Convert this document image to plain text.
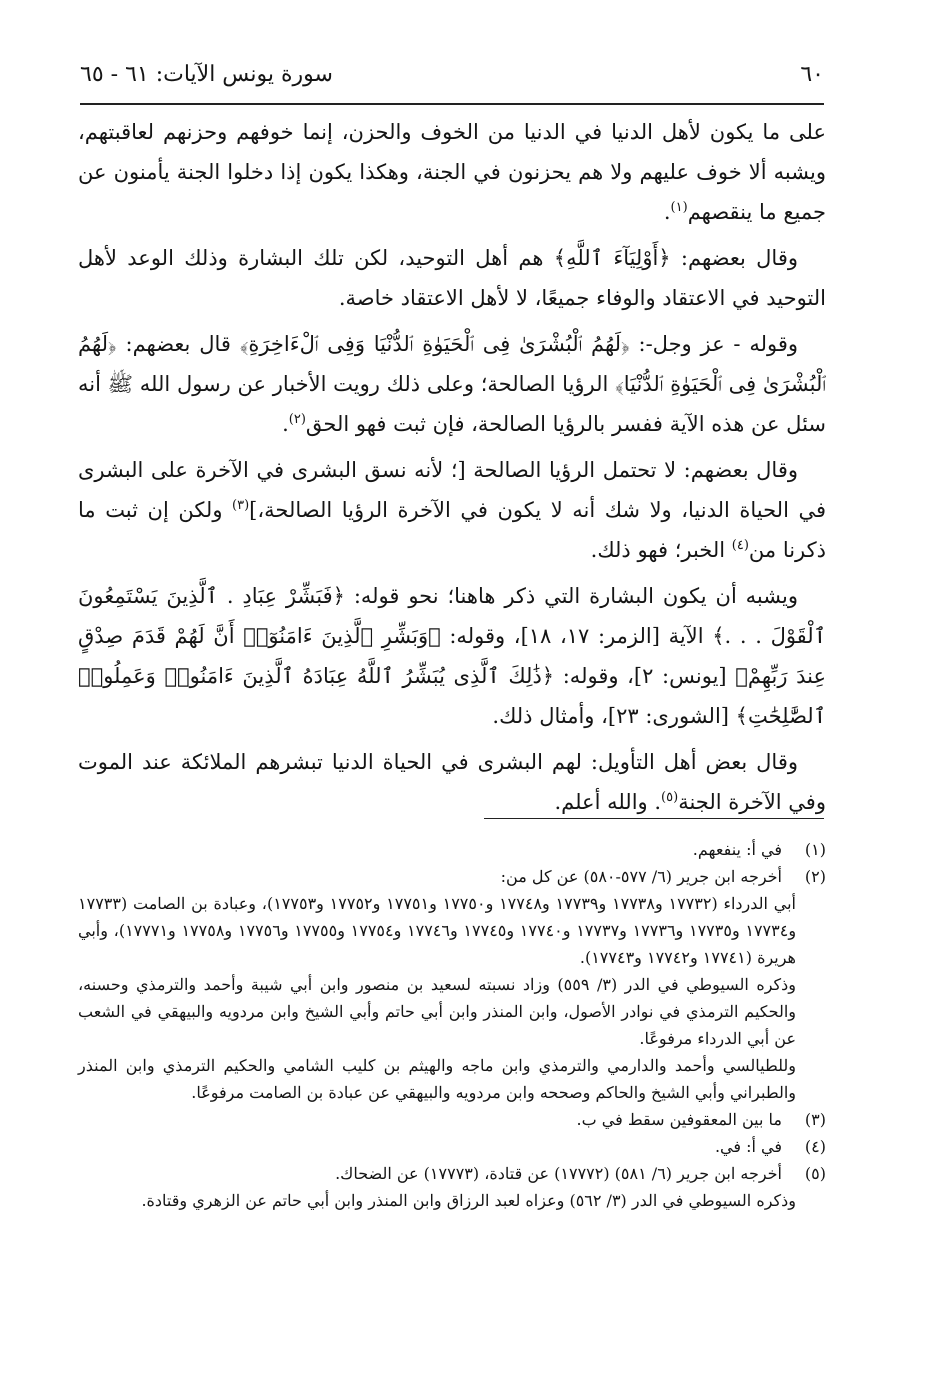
٦٠
سورة يونس الآيات: ٦١ - ٦٥

على ما يكون لأهل الدنيا في الدنيا من الخوف والحزن، إنما خوفهم وحزنهم لعاقبتهم، ويشبه ألا خوف عليهم ولا هم يحزنون في الجنة، وهكذا يكون إذا دخلوا الجنة يأمنون عن جميع ما ينقصهم$^{(١)}$.

وقال بعضهم: ﴿أَوْلِيَآءَ ٱللَّهِ﴾ هم أهل التوحيد، لكن تلك البشارة وذلك الوعد لأهل التوحيد في الاعتقاد والوفاء جميعًا، لا لأهل الاعتقاد خاصة.

وقوله - عز وجل-: ﴿لَهُمُ ٱلْبُشْرَىٰ فِى ٱلْحَيَوٰةِ ٱلدُّنْيَا وَفِى ٱلْءَاخِرَةِ﴾ قال بعضهم: ﴿لَهُمُ ٱلْبُشْرَىٰ فِى ٱلْحَيَوٰةِ ٱلدُّنْيَا﴾ الرؤيا الصالحة؛ وعلى ذلك رويت الأخبار عن رسول الله ﷺ أنه سئل عن هذه الآية ففسر بالرؤيا الصالحة، فإن ثبت فهو الحق$^{(٢)}$.

وقال بعضهم: لا تحتمل الرؤيا الصالحة [؛ لأنه نسق البشرى في الآخرة على البشرى في الحياة الدنيا، ولا شك أنه لا يكون في الآخرة الرؤيا الصالحة،]$^{(٣)}$ ولكن إن ثبت ما ذكرنا من$^{(٤)}$ الخبر؛ فهو ذلك.

ويشبه أن يكون البشارة التي ذكر هاهنا؛ نحو قوله: ﴿فَبَشِّرْ عِبَادِ . ٱلَّذِينَ يَسْتَمِعُونَ ٱلْقَوْلَ . . .﴾ الآية [الزمر: ١٧، ١٨]، وقوله: ﴿وَبَشِّرِ ٱلَّذِينَ ءَامَنُوٓا۟ أَنَّ لَهُمْ قَدَمَ صِدْقٍ عِندَ رَبِّهِمْ﴾ [يونس: ٢]، وقوله: ﴿ذَٰلِكَ ٱلَّذِى يُبَشِّرُ ٱللَّهُ عِبَادَهُ ٱلَّذِينَ ءَامَنُوا۟ وَعَمِلُوا۟ ٱلصَّٰلِحَٰتِ﴾ [الشورى: ٢٣]، وأمثال ذلك.

وقال بعض أهل التأويل: لهم البشرى في الحياة الدنيا تبشرهم الملائكة عند الموت وفي الآخرة الجنة$^{(٥)}$. والله أعلم.

(١)
في أ: ينفعهم.

(٢)
أخرجه ابن جرير (٦/ ٥٧٧-٥٨٠) عن كل من:

أبي الدرداء (١٧٧٣٢ و١٧٧٣٨ و١٧٧٣٩ و١٧٧٤٨ و١٧٧٥٠ و١٧٧٥١ و١٧٧٥٢ و١٧٧٥٣)، وعبادة بن الصامت (١٧٧٣٣ و١٧٧٣٤ و١٧٧٣٥ و١٧٧٣٦ و١٧٧٣٧ و١٧٧٤٠ و١٧٧٤٥ و١٧٧٤٦ و١٧٧٥٤ و١٧٧٥٥ و١٧٧٥٦ و١٧٧٥٨ و١٧٧٧١)، وأبي هريرة (١٧٧٤١ و١٧٧٤٢ و١٧٧٤٣).

وذكره السيوطي في الدر (٣/ ٥٥٩) وزاد نسبته لسعيد بن منصور وابن أبي شيبة وأحمد والترمذي وحسنه، والحكيم الترمذي في نوادر الأصول، وابن المنذر وابن أبي حاتم وأبي الشيخ وابن مردويه والبيهقي في الشعب عن أبي الدرداء مرفوعًا.

وللطيالسي وأحمد والدارمي والترمذي وابن ماجه والهيثم بن كليب الشامي والحكيم الترمذي وابن المنذر والطبراني وأبي الشيخ والحاكم وصححه وابن مردويه والبيهقي عن عبادة بن الصامت مرفوعًا.

(٣)
ما بين المعقوفين سقط في ب.

(٤)
في أ: في.

(٥)
أخرجه ابن جرير (٦/ ٥٨١) (١٧٧٧٢) عن قتادة، (١٧٧٧٣) عن الضحاك.

وذكره السيوطي في الدر (٣/ ٥٦٢) وعزاه لعبد الرزاق وابن المنذر وابن أبي حاتم عن الزهري وقتادة.
